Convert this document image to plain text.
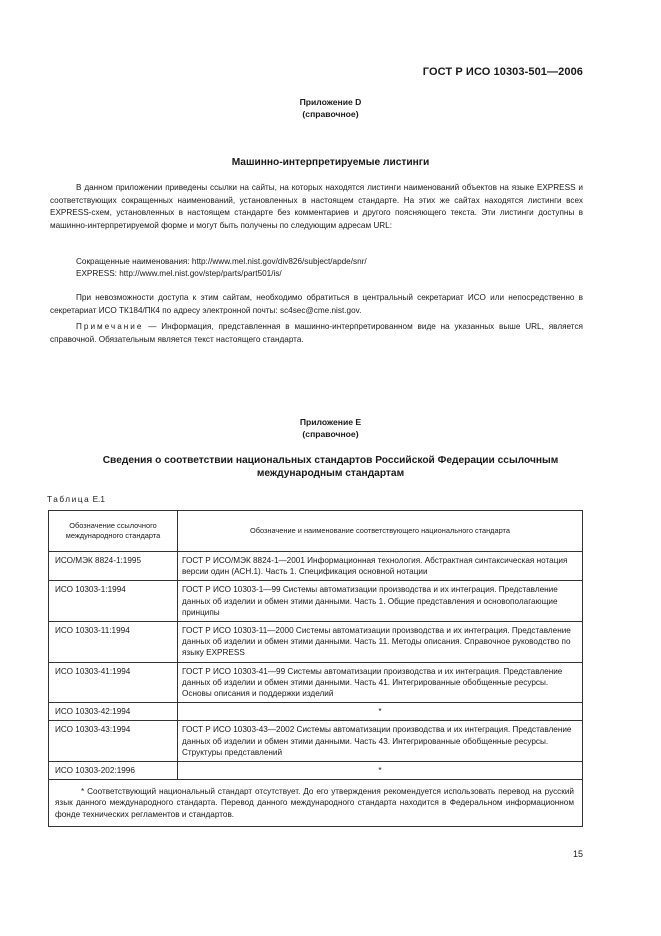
ГОСТ Р ИСО 10303-501—2006
Приложение D
(справочное)
Машинно-интерпретируемые листинги
В данном приложении приведены ссылки на сайты, на которых находятся листинги наименований объектов на языке EXPRESS и соответствующих сокращенных наименований, установленных в настоящем стандарте. На этих же сайтах находятся листинги всех EXPRESS-схем, установленных в настоящем стандарте без комментариев и другого поясняющего текста. Эти листинги доступны в машинно-интерпретируемой форме и могут быть получены по следующим адресам URL:
Сокращенные наименования: http://www.mel.nist.gov/div826/subject/apde/snr/
EXPRESS: http://www.mel.nist.gov/step/parts/part501/is/
При невозможности доступа к этим сайтам, необходимо обратиться в центральный секретариат ИСО или непосредственно в секретариат ИСО ТК184/ПК4 по адресу электронной почты: sc4sec@cme.nist.gov.
Примечание — Информация, представленная в машинно-интерпретированном виде на указанных выше URL, является справочной. Обязательным является текст настоящего стандарта.
Приложение Е
(справочное)
Сведения о соответствии национальных стандартов Российской Федерации ссылочным
международным стандартам
Таблица Е.1
Обозначение ссылочного международного стандарта	Обозначение и наименование соответствующего национального стандарта
ИСО/МЭК 8824-1:1995	ГОСТ Р ИСО/МЭК 8824-1—2001 Информационная технология. Абстрактная синтаксическая нотация версии один (АСН.1). Часть 1. Спецификация основной нотации
ИСО 10303-1:1994	ГОСТ Р ИСО 10303-1—99 Системы автоматизации производства и их интеграция. Представление данных об изделии и обмен этими данными. Часть 1. Общие представления и основополагающие принципы
ИСО 10303-11:1994	ГОСТ Р ИСО 10303-11—2000 Системы автоматизации производства и их интеграция. Представление данных об изделии и обмен этими данными. Часть 11. Методы описания. Справочное руководство по языку EXPRESS
ИСО 10303-41:1994	ГОСТ Р ИСО 10303-41—99 Системы автоматизации производства и их интеграция. Представление данных об изделии и обмен этими данными. Часть 41. Интегрированные обобщенные ресурсы. Основы описания и поддержки изделий
ИСО 10303-42:1994	*
ИСО 10303-43:1994	ГОСТ Р ИСО 10303-43—2002 Системы автоматизации производства и их интеграция. Представление данных об изделии и обмен этими данными. Часть 43. Интегрированные обобщенные ресурсы. Структуры представлений
ИСО 10303-202:1996	*

* Соответствующий национальный стандарт отсутствует. До его утверждения рекомендуется использовать перевод на русский язык данного международного стандарта. Перевод данного международного стандарта находится в Федеральном информационном фонде технических регламентов и стандартов.	
15
